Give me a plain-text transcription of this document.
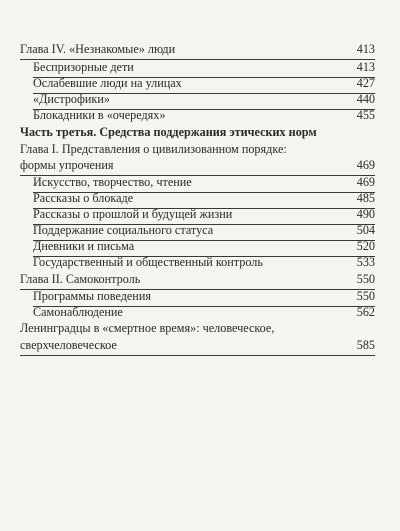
Глава IV. «Незнакомые» люди	413
Беспризорные дети	413
Ослабевшие люди на улицах	427
«Дистрофики»	440
Блокадники в «очередях»	455
Часть третья. Средства поддержания этических норм
Глава I. Представления о цивилизованном порядке:
формы упрочения	469
Искусство, творчество, чтение	469
Рассказы о блокаде	485
Рассказы о прошлой и будущей жизни	490
Поддержание социального статуса	504
Дневники и письма	520
Государственный и общественный контроль	533
Глава II. Самоконтроль	550
Программы поведения	550
Самонаблюдение	562
Ленинградцы в «смертное время»: человеческое,
сверхчеловеческое	585
